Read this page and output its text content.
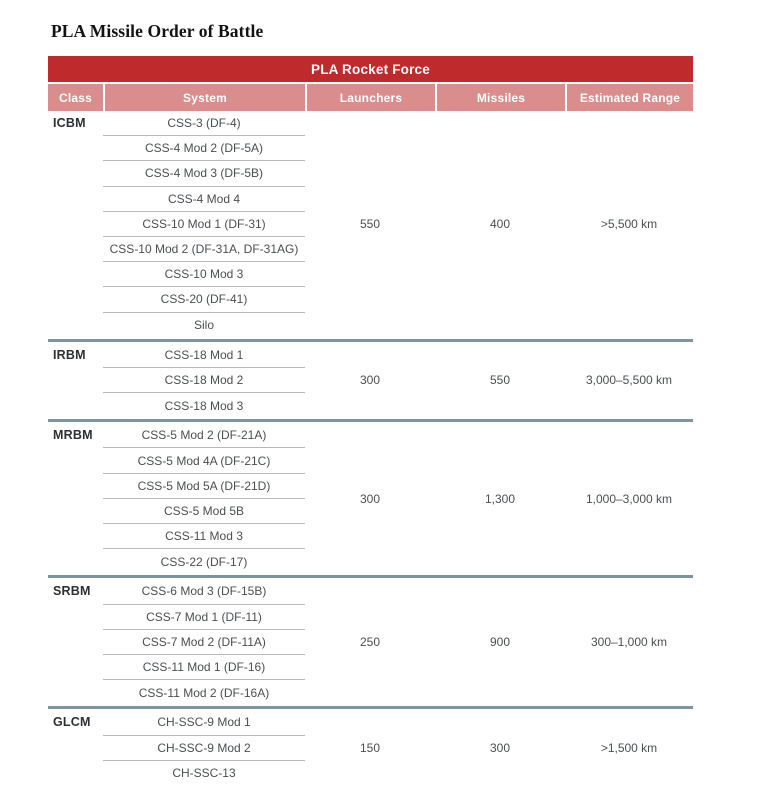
PLA Missile Order of Battle
PLA Rocket Force
Class	System	Launchers	Missiles	Estimated Range
ICBM	CSS-3 (DF-4)
CSS-4 Mod 2 (DF-5A)
CSS-4 Mod 3 (DF-5B)
CSS-4 Mod 4
CSS-10 Mod 1 (DF-31)
CSS-10 Mod 2 (DF-31A, DF-31AG)
CSS-10 Mod 3
CSS-20 (DF-41)
Silo
550	400	>5,500 km
IRBM	CSS-18 Mod 1
CSS-18 Mod 2
CSS-18 Mod 3
300	550	3,000–5,500 km
MRBM	CSS-5 Mod 2 (DF-21A)
CSS-5 Mod 4A (DF-21C)
CSS-5 Mod 5A (DF-21D)
CSS-5 Mod 5B
CSS-11 Mod 3
CSS-22 (DF-17)
300	1,300	1,000–3,000 km
SRBM	CSS-6 Mod 3 (DF-15B)
CSS-7 Mod 1 (DF-11)
CSS-7 Mod 2 (DF-11A)
CSS-11 Mod 1 (DF-16)
CSS-11 Mod 2 (DF-16A)
250	900	300–1,000 km
GLCM	CH-SSC-9 Mod 1
CH-SSC-9 Mod 2
CH-SSC-13
150	300	>1,500 km
